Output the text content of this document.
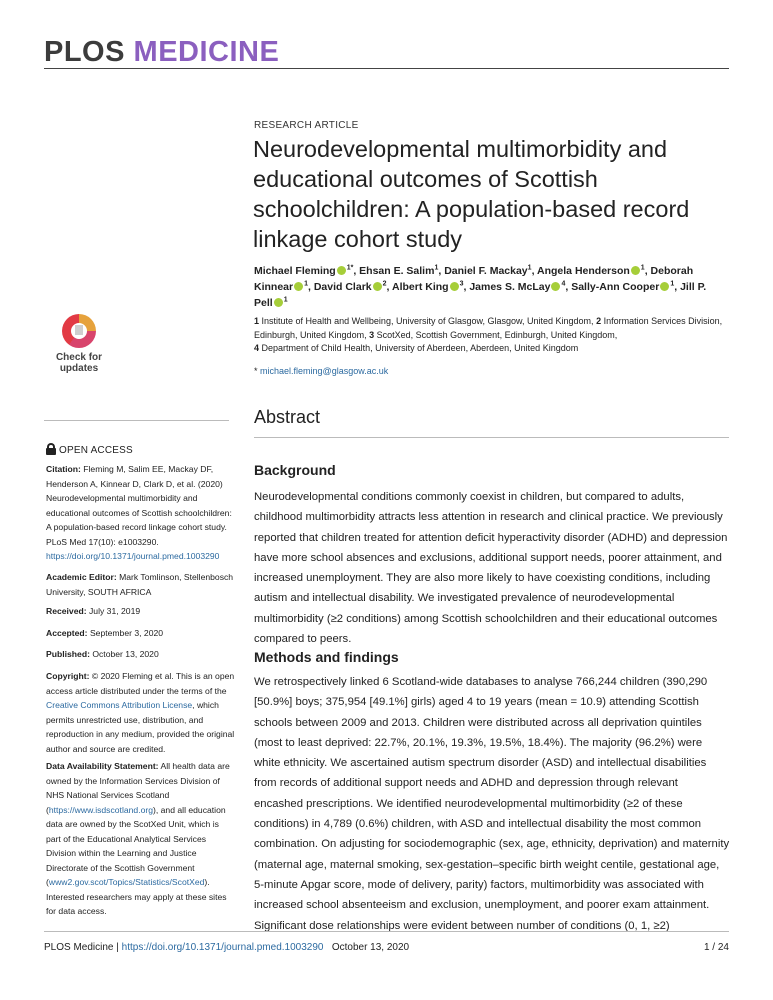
PLOS MEDICINE
RESEARCH ARTICLE
Neurodevelopmental multimorbidity and educational outcomes of Scottish schoolchildren: A population-based record linkage cohort study
Michael Fleming $^{1*}$, Ehsan E. Salim$^1$, Daniel F. Mackay$^1$, Angela Henderson $^1$, Deborah Kinnear $^1$, David Clark $^2$, Albert King $^3$, James S. McLay $^4$, Sally-Ann Cooper $^1$, Jill P. Pell $^1$
1 Institute of Health and Wellbeing, University of Glasgow, Glasgow, United Kingdom, 2 Information Services Division, Edinburgh, United Kingdom, 3 ScotXed, Scottish Government, Edinburgh, United Kingdom,
4 Department of Child Health, University of Aberdeen, Aberdeen, United Kingdom
* michael.fleming@glasgow.ac.uk
Check for
updates
OPEN ACCESS
Citation: Fleming M, Salim EE, Mackay DF, Henderson A, Kinnear D, Clark D, et al. (2020) Neurodevelopmental multimorbidity and educational outcomes of Scottish schoolchildren: A population-based record linkage cohort study. PLoS Med 17(10): e1003290. https://doi.org/10.1371/journal.pmed.1003290
Academic Editor: Mark Tomlinson, Stellenbosch University, SOUTH AFRICA
Received: July 31, 2019
Accepted: September 3, 2020
Published: October 13, 2020
Copyright: © 2020 Fleming et al. This is an open access article distributed under the terms of the Creative Commons Attribution License, which permits unrestricted use, distribution, and reproduction in any medium, provided the original author and source are credited.
Data Availability Statement: All health data are owned by the Information Services Division of NHS National Services Scotland (https://www.isdscotland.org), and all education data are owned by the ScotXed Unit, which is part of the Educational Analytical Services Division within the Learning and Justice Directorate of the Scottish Government (www2.gov.scot/Topics/Statistics/ScotXed). Interested researchers may apply at these sites for data access.
Abstract
Background

Neurodevelopmental conditions commonly coexist in children, but compared to adults, childhood multimorbidity attracts less attention in research and clinical practice. We previously reported that children treated for attention deficit hyperactivity disorder (ADHD) and depression have more school absences and exclusions, additional support needs, poorer attainment, and increased unemployment. They are also more likely to have coexisting conditions, including autism and intellectual disability. We investigated prevalence of neurodevelopmental multimorbidity (≥2 conditions) among Scottish schoolchildren and their educational outcomes compared to peers.

Methods and findings

We retrospectively linked 6 Scotland-wide databases to analyse 766,244 children (390,290 [50.9%] boys; 375,954 [49.1%] girls) aged 4 to 19 years (mean = 10.9) attending Scottish schools between 2009 and 2013. Children were distributed across all deprivation quintiles (most to least deprived: 22.7%, 20.1%, 19.3%, 19.5%, 18.4%). The majority (96.2%) were white ethnicity. We ascertained autism spectrum disorder (ASD) and intellectual disabilities from records of additional support needs and ADHD and depression through relevant encashed prescriptions. We identified neurodevelopmental multimorbidity (≥2 of these conditions) in 4,789 (0.6%) children, with ASD and intellectual disability the most common combination. On adjusting for sociodemographic (sex, age, ethnicity, deprivation) and maternity (maternal age, maternal smoking, sex-gestation–specific birth weight centile, gestational age, 5-minute Apgar score, mode of delivery, parity) factors, multimorbidity was associated with increased school absenteeism and exclusion, unemployment, and poorer exam attainment. Significant dose relationships were evident between number of conditions (0, 1, ≥2)

PLOS Medicine | https://doi.org/10.1371/journal.pmed.1003290 October 13, 2020	1 / 24
